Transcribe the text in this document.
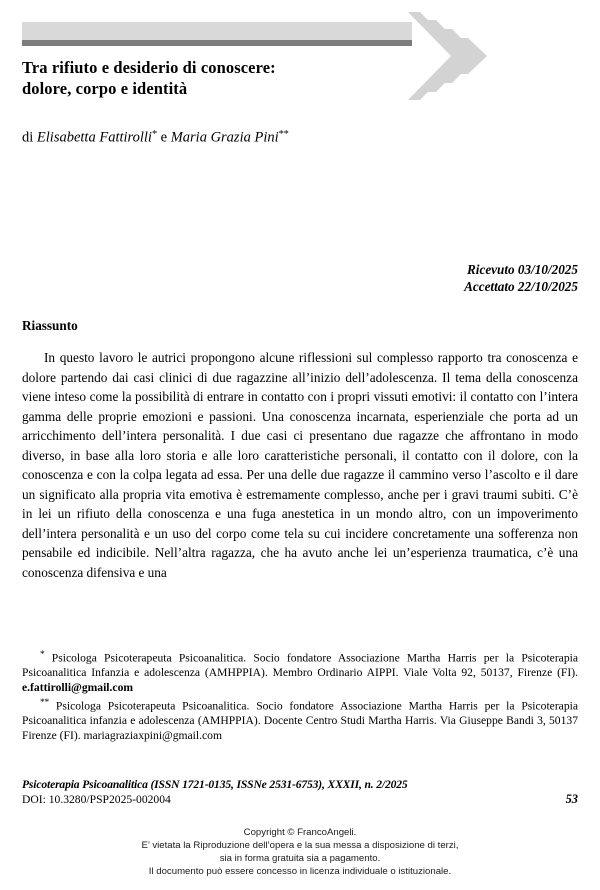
Tra rifiuto e desiderio di conoscere:
dolore, corpo e identità
di Elisabetta Fattirolli* e Maria Grazia Pini**
Ricevuto 03/10/2025
Accettato 22/10/2025
Riassunto
In questo lavoro le autrici propongono alcune riflessioni sul complesso rapporto tra conoscenza e dolore partendo dai casi clinici di due ragazzine all’inizio dell’adolescenza. Il tema della conoscenza viene inteso come la possibilità di entrare in contatto con i propri vissuti emotivi: il contatto con l’intera gamma delle proprie emozioni e passioni. Una conoscenza incarnata, esperienziale che porta ad un arricchimento dell’intera personalità. I due casi ci presentano due ragazze che affrontano in modo diverso, in base alla loro storia e alle loro caratteristiche personali, il contatto con il dolore, con la conoscenza e con la colpa legata ad essa. Per una delle due ragazze il cammino verso l’ascolto e il dare un significato alla propria vita emotiva è estremamente complesso, anche per i gravi traumi subiti. C’è in lei un rifiuto della conoscenza e una fuga anestetica in un mondo altro, con un impoverimento dell’intera personalità e un uso del corpo come tela su cui incidere concretamente una sofferenza non pensabile ed indicibile. Nell’altra ragazza, che ha avuto anche lei un’esperienza traumatica, c’è una conoscenza difensiva e una
* Psicologa Psicoterapeuta Psicoanalitica. Socio fondatore Associazione Martha Harris per la Psicoterapia Psicoanalitica Infanzia e adolescenza (AMHPPIA). Membro Ordinario AIPPI. Viale Volta 92, 50137, Firenze (FI). e.fattirolli@gmail.com
** Psicologa Psicoterapeuta Psicoanalitica. Socio fondatore Associazione Martha Harris per la Psicoterapia Psicoanalitica infanzia e adolescenza (AMHPPIA). Docente Centro Studi Martha Harris. Via Giuseppe Bandi 3, 50137 Firenze (FI). mariagraziaxpini@gmail.com
Psicoterapia Psicoanalitica (ISSN 1721-0135, ISSNe 2531-6753), XXXII, n. 2/2025
DOI: 10.3280/PSP2025-002004	53
Copyright © FrancoAngeli.
E’ vietata la Riproduzione dell’opera e la sua messa a disposizione di terzi,
sia in forma gratuita sia a pagamento.
Il documento può essere concesso in licenza individuale o istituzionale.
